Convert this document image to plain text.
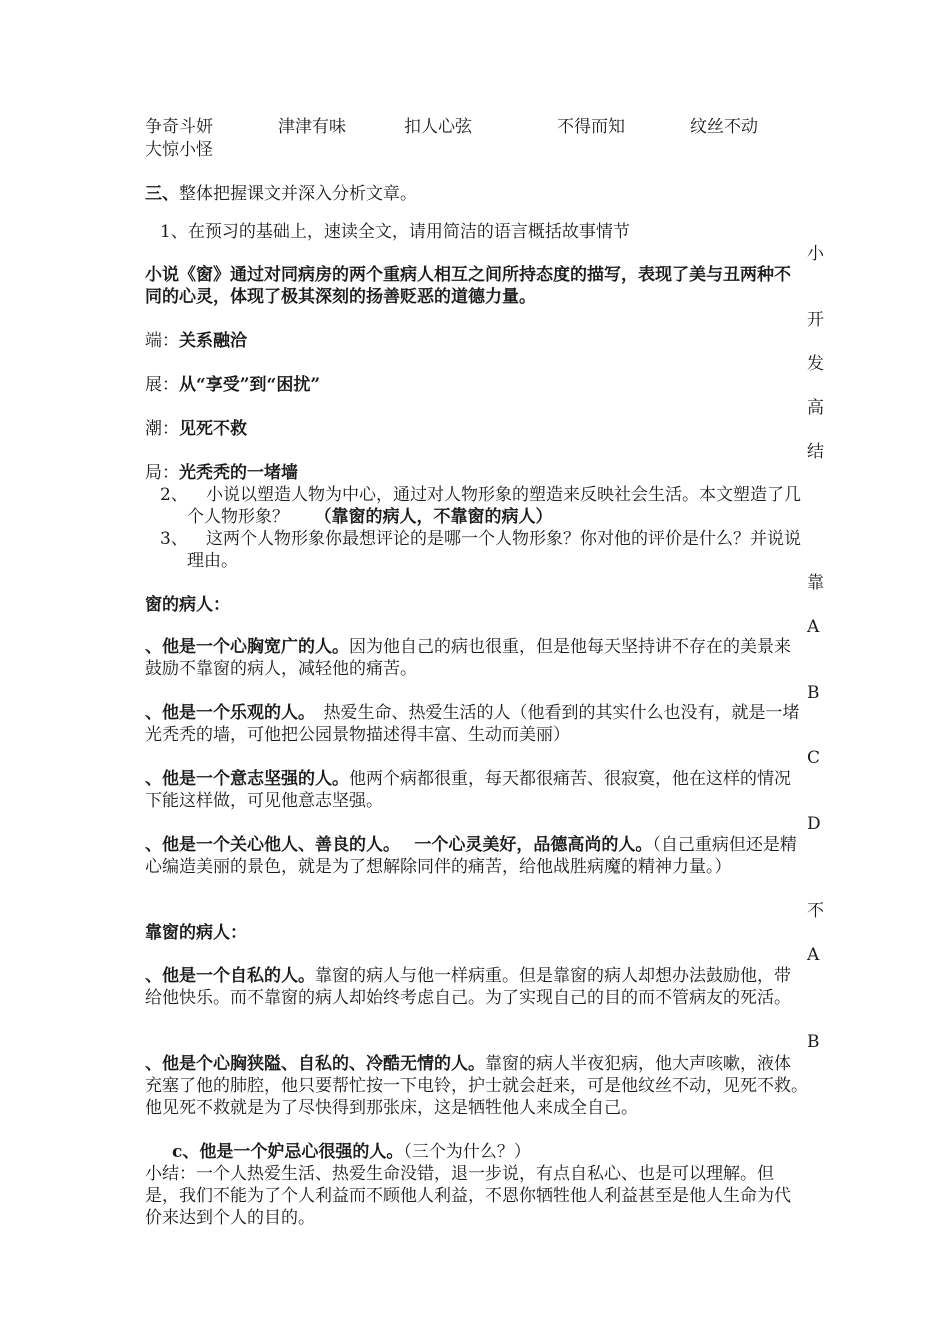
争奇斗妍	津津有味	扣人心弦	不得而知	纹丝不动
大惊小怪
三、整体把握课文并深入分析文章。
1、在预习的基础上，速读全文，请用简洁的语言概括故事情节
小说《窗》通过对同病房的两个重病人相互之间所持态度的描写，表现了美与丑两种不同的心灵，体现了极其深刻的扬善贬恶的道德力量。
端：关系融洽
展：从“享受”到“困扰”
潮：见死不救
局：光秃秃的一堵墙
2、	小说以塑造人物为中心，通过对人物形象的塑造来反映社会生活。本文塑造了几个人物形象？　　 （靠窗的病人，不靠窗的病人）
3、	这两个人物形象你最想评论的是哪一个人物形象？你对他的评价是什么？并说说理由。
窗的病人：
、他是一个心胸宽广的人。因为他自己的病也很重，但是他每天坚持讲不存在的美景来鼓励不靠窗的病人，减轻他的痛苦。
、他是一个乐观的人。　热爱生命、热爱生活的人（他看到的其实什么也没有，就是一堵光秃秃的墙，可他把公园景物描述得丰富、生动而美丽）
、他是一个意志坚强的人。他两个病都很重，每天都很痛苦、很寂寞，他在这样的情况下能这样做，可见他意志坚强。
、他是一个关心他人、善良的人。　 一个心灵美好，品德高尚的人。（自己重病但还是精心编造美丽的景色，就是为了想解除同伴的痛苦，给他战胜病魔的精神力量。）
靠窗的病人：
、他是一个自私的人。靠窗的病人与他一样病重。但是靠窗的病人却想办法鼓励他，带给他快乐。而不靠窗的病人却始终考虑自己。为了实现自己的目的而不管病友的死活。
、他是个心胸狭隘、自私的、冷酷无情的人。靠窗的病人半夜犯病，他大声咳嗽，液体充塞了他的肺腔，他只要帮忙按一下电铃，护士就会赶来，可是他纹丝不动，见死不救。　他见死不救就是为了尽快得到那张床，这是牺牲他人来成全自己。
c、他是一个妒忌心很强的人。（三个为什么？）
小结：一个人热爱生活、热爱生命没错，退一步说，有点自私心、也是可以理解。但是，我们不能为了个人利益而不顾他人利益，不恩你牺牲他人利益甚至是他人生命为代价来达到个人的目的。
小
开
发
高
结
靠
A
B
C
D
不
A
B
